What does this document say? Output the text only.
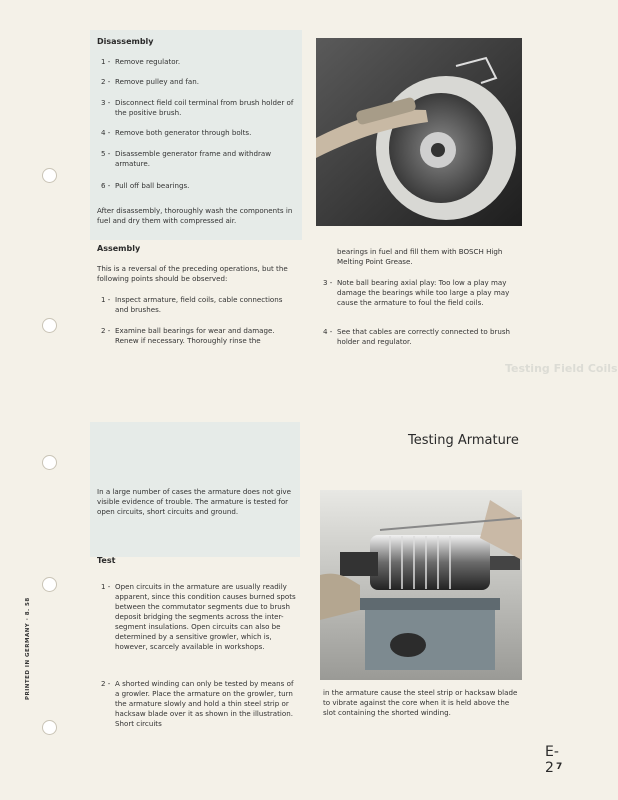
Testing Field Coils
Disassembly
1 - Remove regulator.
2 - Remove pulley and fan.
3 - Disconnect field coil terminal from brush holder of the positive brush.
4 - Remove both generator through bolts.
5 - Disassemble generator frame and withdraw armature.
6 - Pull off ball bearings.
After disassembly, thoroughly wash the components in fuel and dry them with compressed air.
Assembly
This is a reversal of the preceding operations, but the following points should be observed:
1 - Inspect armature, field coils, cable connections and brushes.
2 - Examine ball bearings for wear and damage. Renew if necessary. Thoroughly rinse the
bearings in fuel and fill them with BOSCH High Melting Point Grease.
3 - Note ball bearing axial play: Too low a play may damage the bearings while too large a play may cause the armature to foul the field coils.
4 - See that cables are correctly connected to brush holder and regulator.
Testing Armature
In a large number of cases the armature does not give visible evidence of trouble. The armature is tested for open circuits, short circuits and ground.
Test
1 - Open circuits in the armature are usually readily apparent, since this condition causes burned spots between the commutator segments due to brush deposit bridging the segments across the inter-segment insulations. Open circuits can also be determined by a sensitive growler, which is, however, scarcely available in workshops.
2 - A shorted winding can only be tested by means of a growler. Place the armature on the growler, turn the armature slowly and hold a thin steel strip or hacksaw blade over it as shown in the illustration. Short circuits
in the armature cause the steel strip or hacksaw blade to vibrate against the core when it is held above the slot containing the shorted winding.
PRINTED IN GERMANY · 8. 58
E-2 7
